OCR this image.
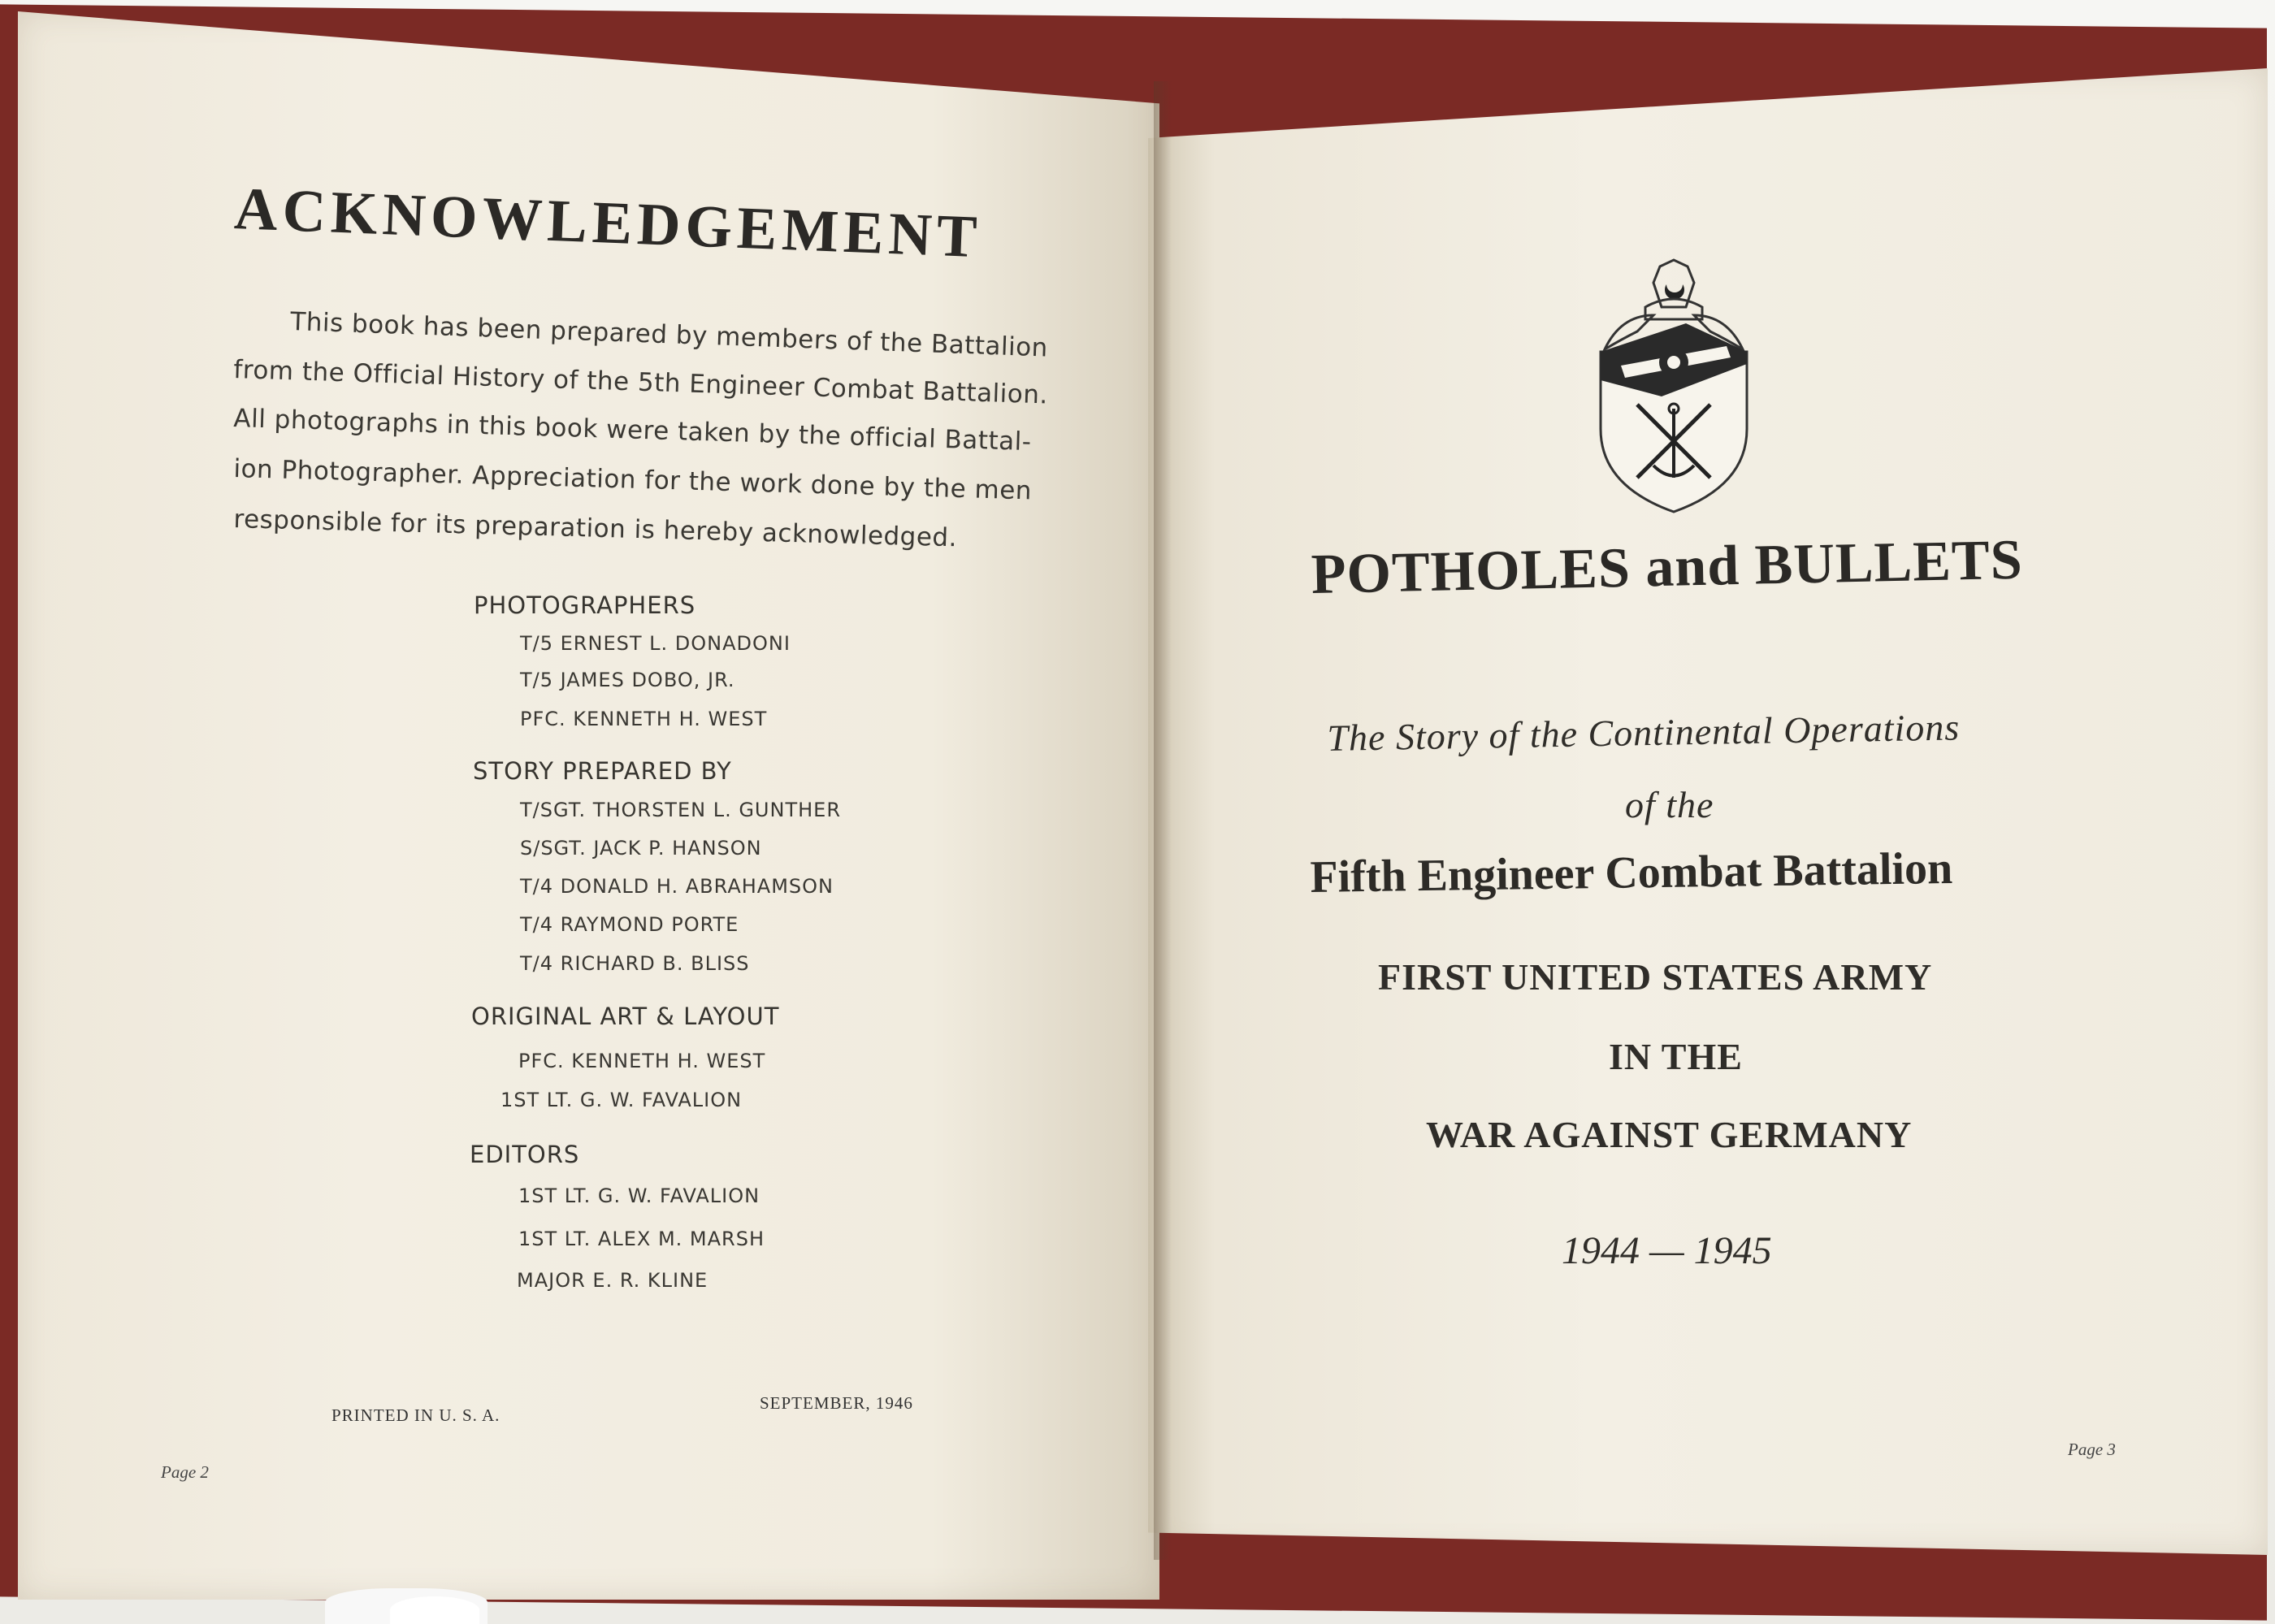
ACKNOWLEDGEMENT
This book has been prepared by members of the Battalion
from the Official History of the 5th Engineer Combat Battalion.
All photographs in this book were taken by the official Battal-
ion Photographer. Appreciation for the work done by the men
responsible for its preparation is hereby acknowledged.
PHOTOGRAPHERS
T/5 ERNEST L. DONADONI
T/5 JAMES DOBO, JR.
PFC. KENNETH H. WEST
STORY PREPARED BY
T/SGT. THORSTEN L. GUNTHER
S/SGT. JACK P. HANSON
T/4 DONALD H. ABRAHAMSON
T/4 RAYMOND PORTE
T/4 RICHARD B. BLISS
ORIGINAL ART & LAYOUT
PFC. KENNETH H. WEST
1ST LT. G. W. FAVALION
EDITORS
1ST LT. G. W. FAVALION
1ST LT. ALEX M. MARSH
MAJOR E. R. KLINE
PRINTED IN U. S. A.
SEPTEMBER, 1946
Page 2
POTHOLES and BULLETS
The Story of the Continental Operations
of the
Fifth Engineer Combat Battalion
FIRST UNITED STATES ARMY
IN THE
WAR AGAINST GERMANY
1944 — 1945
Page 3
